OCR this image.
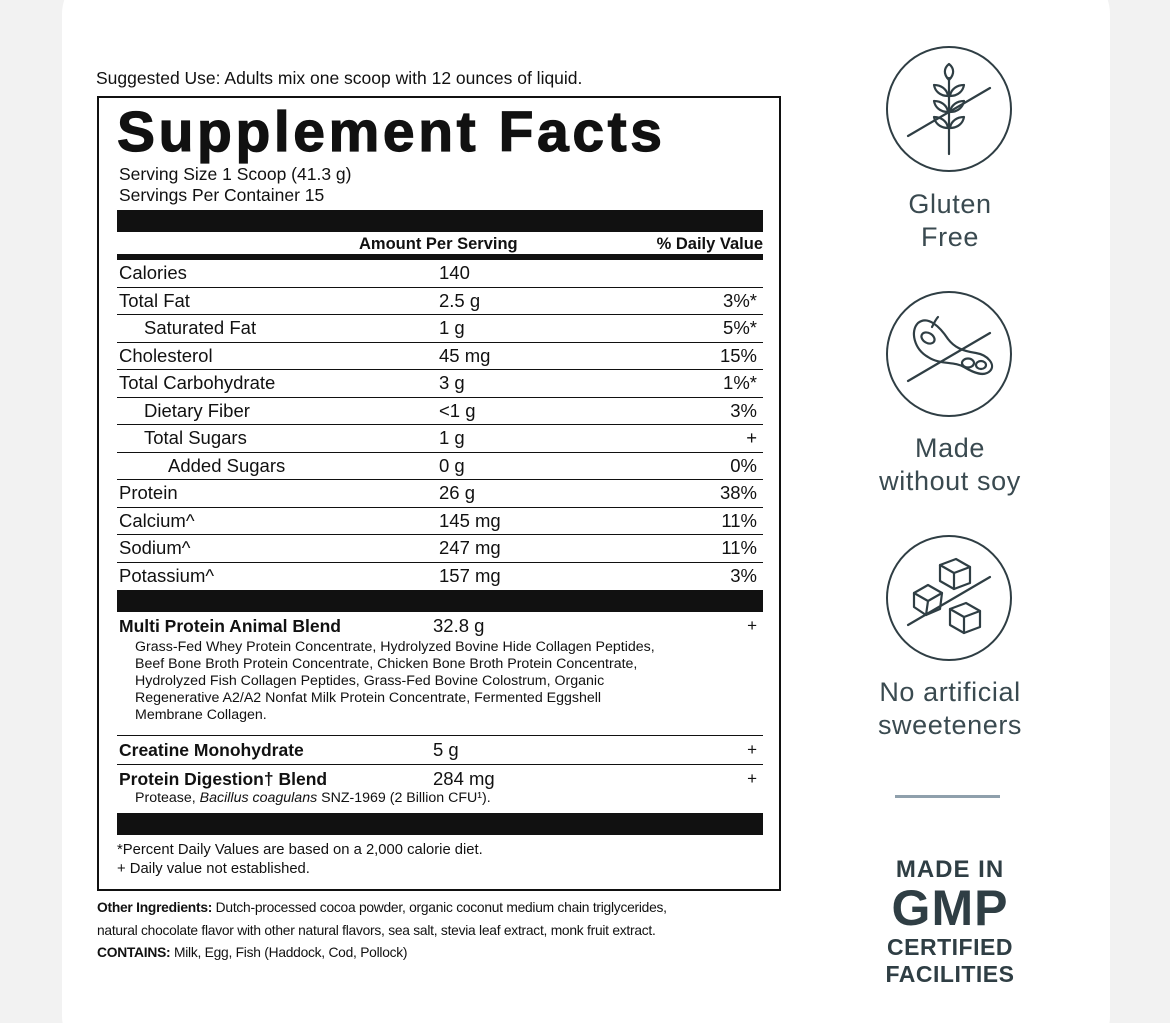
Suggested Use: Adults mix one scoop with 12 ounces of liquid.
Supplement Facts
Serving Size 1 Scoop (41.3 g)
Servings Per Container 15
Amount Per Serving	% Daily Value
Calories	140
Total Fat	2.5 g	3%*
Saturated Fat	1 g	5%*
Cholesterol	45 mg	15%
Total Carbohydrate	3 g	1%*
Dietary Fiber	<1 g	3%
Total Sugars	1 g	+
Added Sugars	0 g	0%
Protein	26 g	38%
Calcium^	145 mg	11%
Sodium^	247 mg	11%
Potassium^	157 mg	3%
Multi Protein Animal Blend	32.8 g	+
Grass-Fed Whey Protein Concentrate, Hydrolyzed Bovine Hide Collagen Peptides,
Beef Bone Broth Protein Concentrate, Chicken Bone Broth Protein Concentrate,
Hydrolyzed Fish Collagen Peptides, Grass-Fed Bovine Colostrum, Organic
Regenerative A2/A2 Nonfat Milk Protein Concentrate, Fermented Eggshell
Membrane Collagen.
Creatine Monohydrate	5 g	+
Protein Digestion† Blend	284 mg	+
Protease, Bacillus coagulans SNZ-1969 (2 Billion CFU¹).
*Percent Daily Values are based on a 2,000 calorie diet.
+ Daily value not established.
Other Ingredients: Dutch-processed cocoa powder, organic coconut medium chain triglycerides,
natural chocolate flavor with other natural flavors, sea salt, stevia leaf extract, monk fruit extract.
CONTAINS: Milk, Egg, Fish (Haddock, Cod, Pollock)
Gluten
Free
Made
without soy
No artificial
sweeteners
MADE IN
GMP
CERTIFIED
FACILITIES
